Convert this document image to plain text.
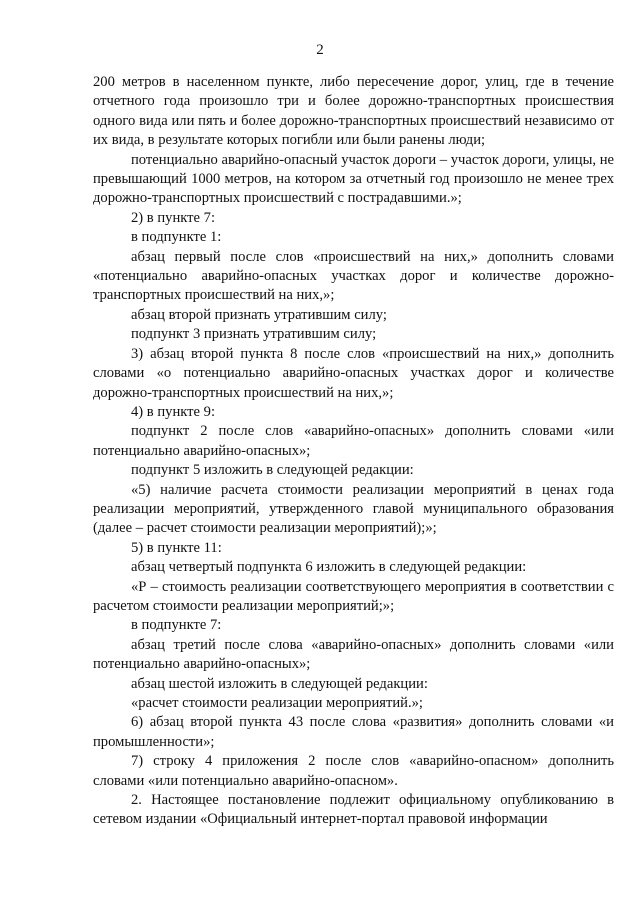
2
200 метров в населенном пункте, либо пересечение дорог, улиц, где в течение отчетного года произошло три и более дорожно-транспортных происшествия одного вида или пять и более дорожно-транспортных происшествий независимо от их вида, в результате которых погибли или были ранены люди;
потенциально аварийно-опасный участок дороги – участок дороги, улицы, не превышающий 1000 метров, на котором за отчетный год произошло не менее трех дорожно-транспортных происшествий с пострадавшими.»;
2) в пункте 7:
в подпункте 1:
абзац первый после слов «происшествий на них,» дополнить словами «потенциально аварийно-опасных участках дорог и количестве дорожно- транспортных происшествий на них,»;
абзац второй признать утратившим силу;
подпункт 3 признать утратившим силу;
3) абзац второй пункта 8 после слов «происшествий на них,» дополнить словами «о потенциально аварийно-опасных участках дорог и количестве дорожно-транспортных происшествий на них,»;
4) в пункте 9:
подпункт 2 после слов «аварийно-опасных» дополнить словами «или потенциально аварийно-опасных»;
подпункт 5 изложить в следующей редакции:
«5) наличие расчета стоимости реализации мероприятий в ценах года реализации мероприятий, утвержденного главой муниципального образования (далее – расчет стоимости реализации мероприятий);»;
5) в пункте 11:
абзац четвертый подпункта 6 изложить в следующей редакции:
«Р – стоимость реализации соответствующего мероприятия в соответствии с расчетом стоимости реализации мероприятий;»;
в подпункте 7:
абзац третий после слова «аварийно-опасных» дополнить словами «или потенциально аварийно-опасных»;
абзац шестой изложить в следующей редакции:
«расчет стоимости реализации мероприятий.»;
6) абзац второй пункта 43 после слова «развития» дополнить словами «и промышленности»;
7) строку 4 приложения 2 после слов «аварийно-опасном» дополнить словами «или потенциально аварийно-опасном».
2. Настоящее постановление подлежит официальному опубликованию в сетевом издании «Официальный интернет-портал правовой информации
